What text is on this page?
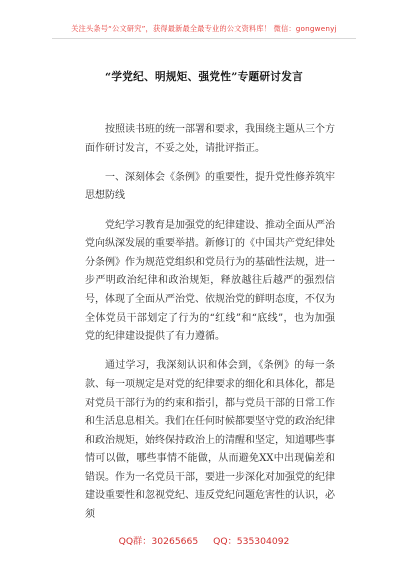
关注头条号“公文研究”，获得最新最全最专业的公文资料库！ 微信：gongwenyj
“学党纪、明规矩、强党性”专题研讨发言

按照读书班的统一部署和要求，我围绕主题从三个方面作研讨发言，不妥之处，请批评指正。

一、深刻体会《条例》的重要性，提升党性修养筑牢思想防线

党纪学习教育是加强党的纪律建设、推动全面从严治党向纵深发展的重要举措。新修订的《中国共产党纪律处分条例》作为规范党组织和党员行为的基础性法规，进一步严明政治纪律和政治规矩，释放越往后越严的强烈信号，体现了全面从严治党、依规治党的鲜明态度，不仅为全体党员干部划定了行为的“红线”和“底线”，也为加强党的纪律建设提供了有力遵循。

通过学习，我深刻认识和体会到，《条例》的每一条款、每一项规定是对党的纪律要求的细化和具体化，都是对党员干部行为的约束和指引，都与党员干部的日常工作和生活息息相关。我们在任何时候都要坚守党的政治纪律和政治规矩，始终保持政治上的清醒和坚定，知道哪些事情可以做，哪些事情不能做，从而避免XX中出现偏差和错误。作为一名党员干部，要进一步深化对加强党的纪律建设重要性和忽视党纪、违反党纪问题危害性的认识，必须

QQ群：30265665 QQ：535304092
